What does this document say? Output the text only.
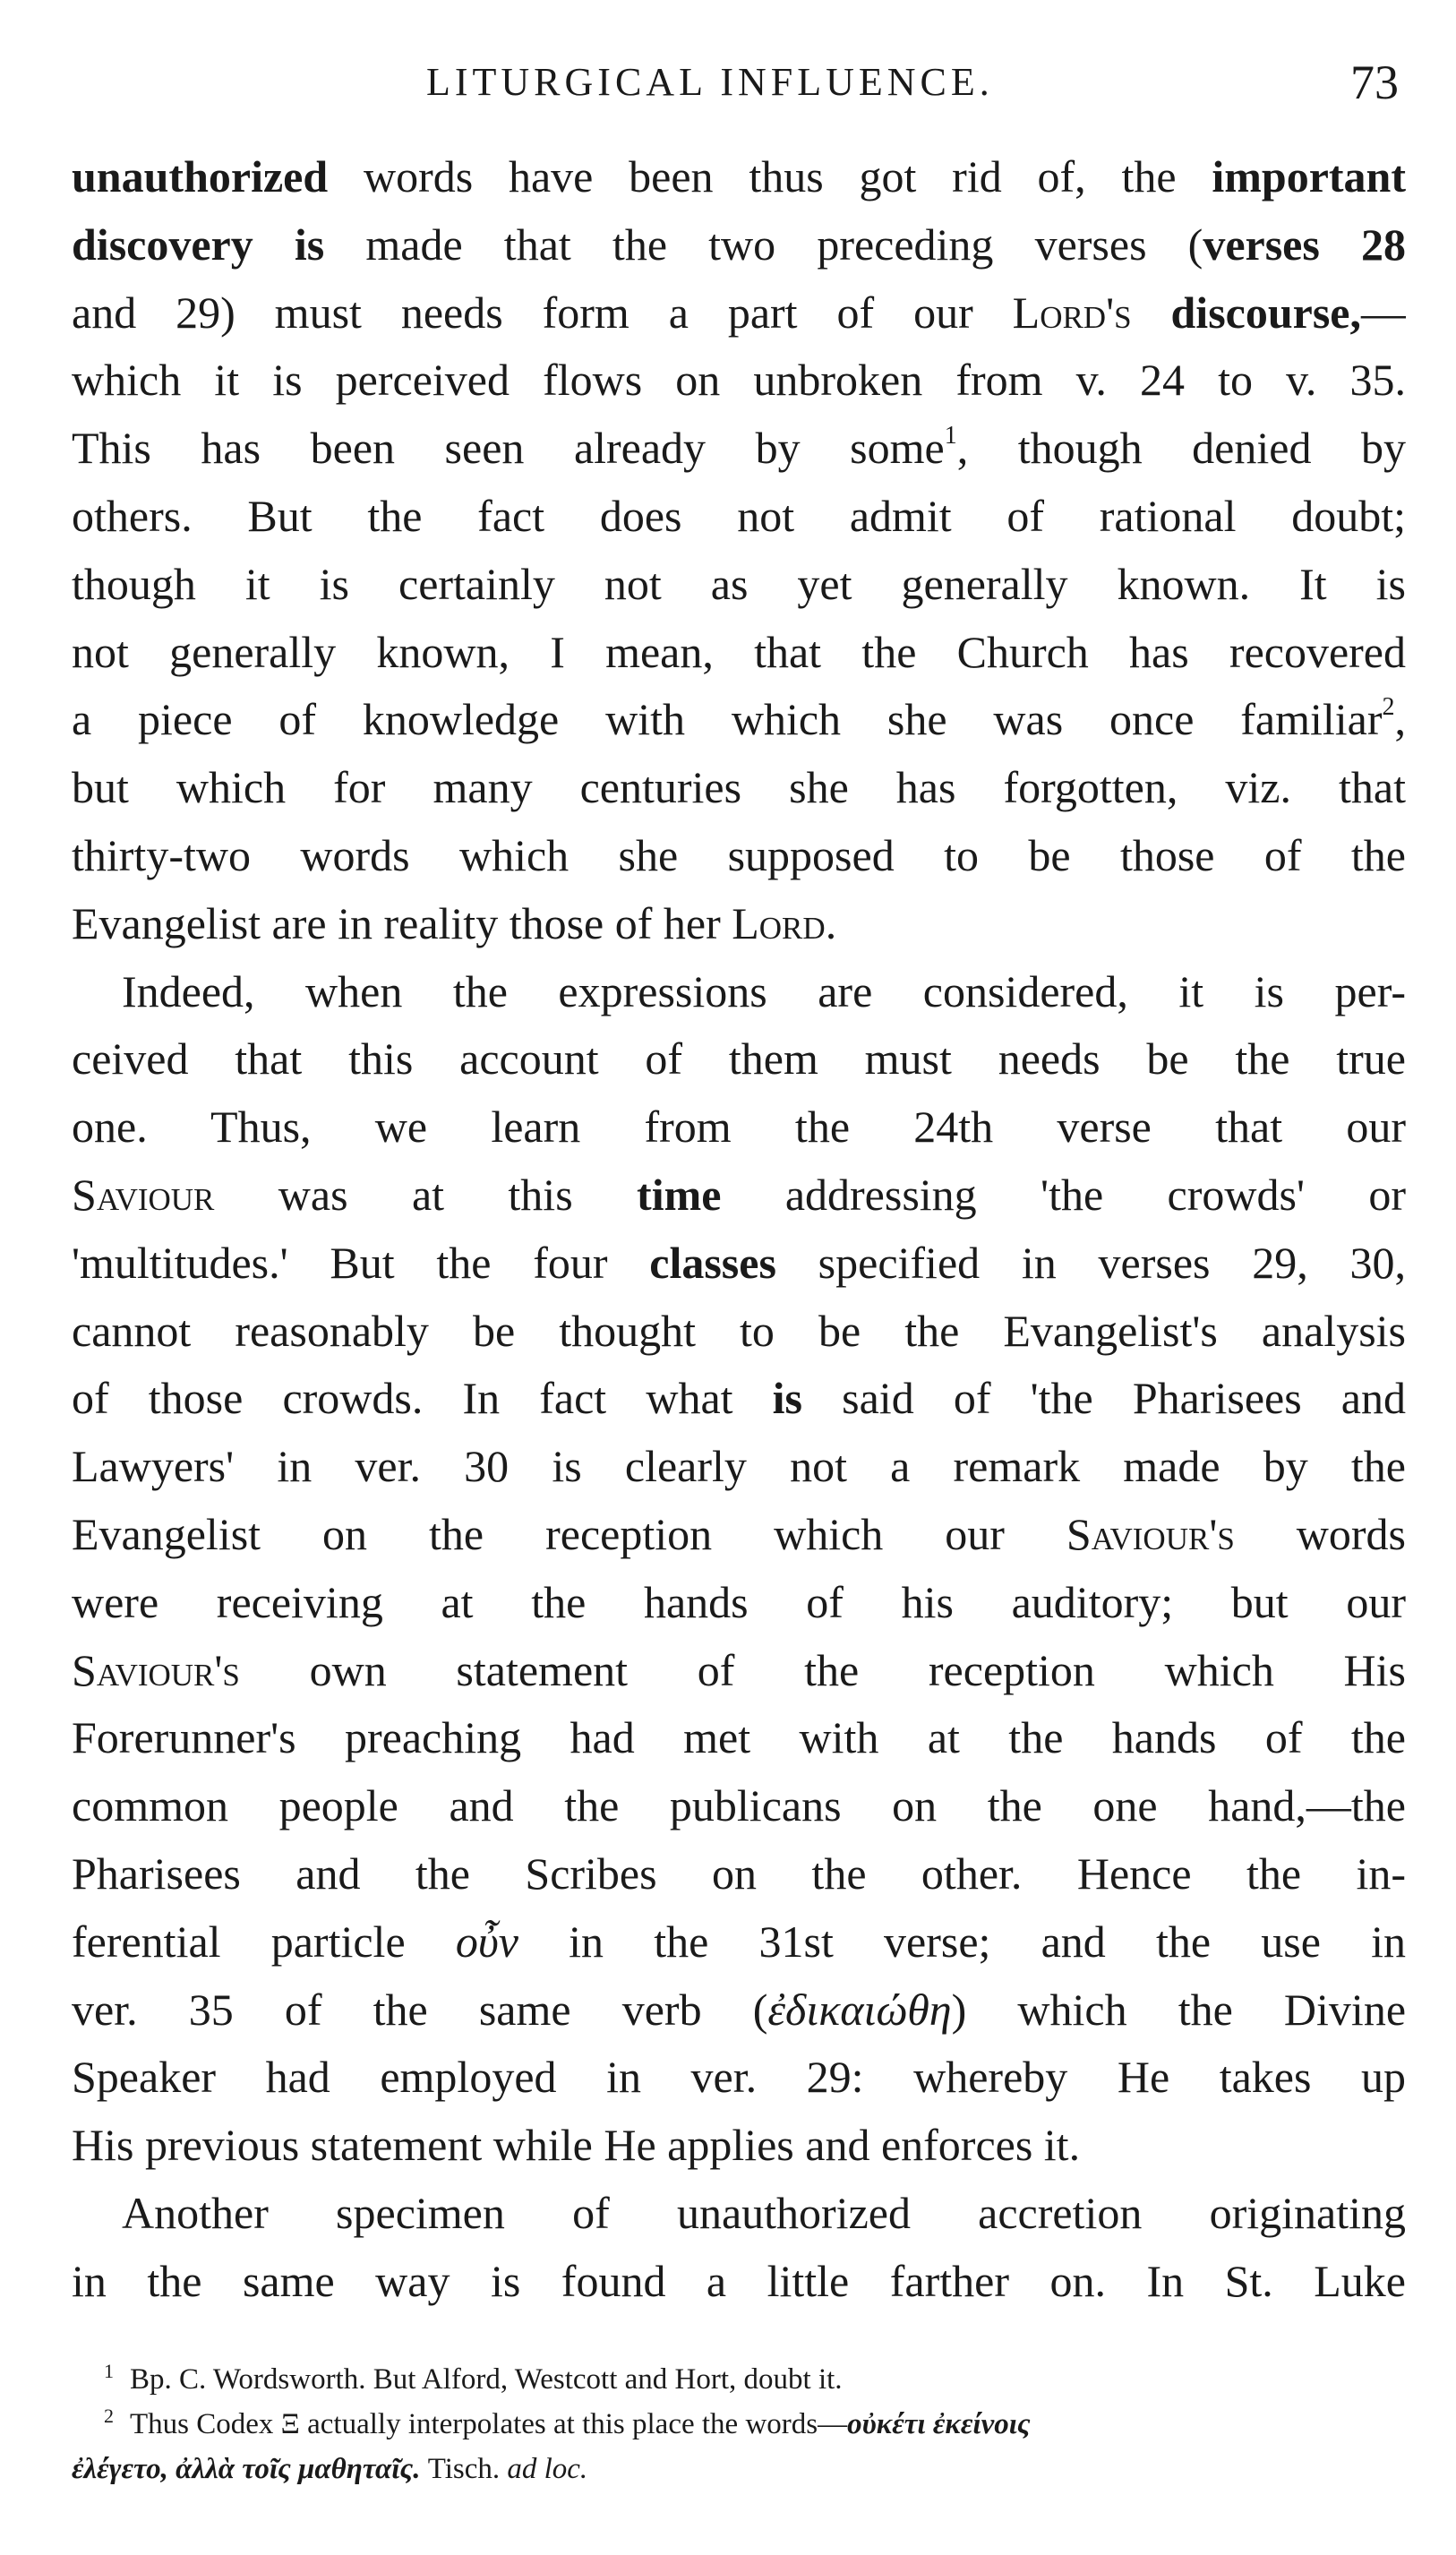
LITURGICAL INFLUENCE.	73
unauthorized words have been thus got rid of, the important
discovery is made that the two preceding verses (verses 28
and 29) must needs form a part of our Lord's discourse,—
which it is perceived flows on unbroken from v. 24 to v. 35.
This has been seen already by some$^1$, though denied by
others. But the fact does not admit of rational doubt;
though it is certainly not as yet generally known. It is
not generally known, I mean, that the Church has recovered
a piece of knowledge with which she was once familiar$^2$,
but which for many centuries she has forgotten, viz. that
thirty-two words which she supposed to be those of the
Evangelist are in reality those of her Lord.
Indeed, when the expressions are considered, it is per-
ceived that this account of them must needs be the true
one. Thus, we learn from the 24th verse that our
Saviour was at this time addressing 'the crowds' or
'multitudes.' But the four classes specified in verses 29, 30,
cannot reasonably be thought to be the Evangelist's analysis
of those crowds. In fact what is said of 'the Pharisees and
Lawyers' in ver. 30 is clearly not a remark made by the
Evangelist on the reception which our Saviour's words
were receiving at the hands of his auditory; but our
Saviour's own statement of the reception which His
Forerunner's preaching had met with at the hands of the
common people and the publicans on the one hand,—the
Pharisees and the Scribes on the other. Hence the in-
ferential particle οὖν in the 31st verse; and the use in
ver. 35 of the same verb (ἐδικαιώθη) which the Divine
Speaker had employed in ver. 29: whereby He takes up
His previous statement while He applies and enforces it.
Another specimen of unauthorized accretion originating
in the same way is found a little farther on. In St. Luke
$^1$ Bp. C. Wordsworth. But Alford, Westcott and Hort, doubt it.
$^2$ Thus Codex Ξ actually interpolates at this place the words—οὐκέτι ἐκείνοις
ἐλέγετο, ἀλλὰ τοῖς μαθηταῖς. Tisch. ad loc.
